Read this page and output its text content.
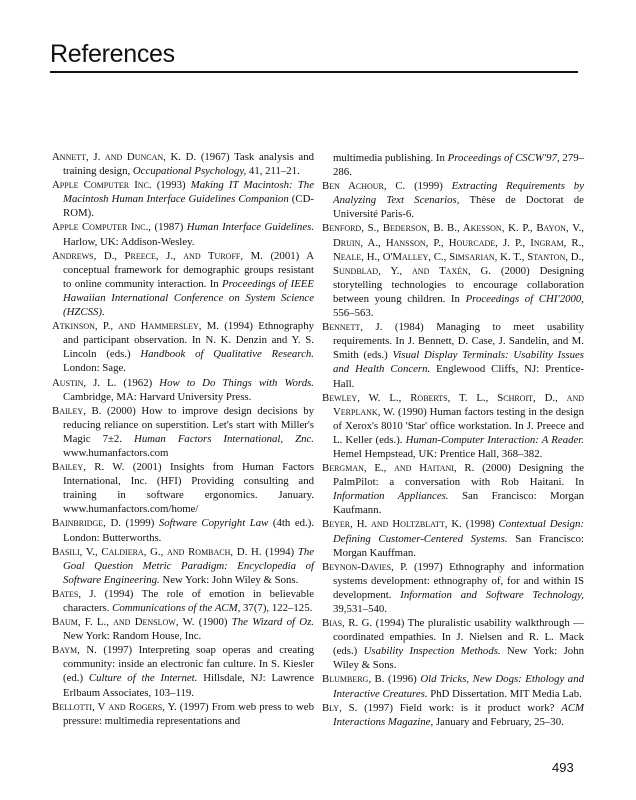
References

Annett, J. and Duncan, K. D. (1967) Task analysis and training design, Occupational Psychology, 41, 211–21.

Apple Computer Inc. (1993) Making IT Macintosh: The Macintosh Human Interface Guidelines Companion (CD-ROM).

Apple Computer Inc., (1987) Human Interface Guidelines. Harlow, UK: Addison-Wesley.

Andrews, D., Preece, J., and Turoff, M. (2001) A conceptual framework for demographic groups resistant to online community interaction. In Proceedings of IEEE Hawaiian International Conference on System Science (HZCSS).

Atkinson, P., and Hammersley, M. (1994) Ethnography and participant observation. In N. K. Denzin and Y. S. Lincoln (eds.) Handbook of Qualitative Research. London: Sage.

Austin, J. L. (1962) How to Do Things with Words. Cambridge, MA: Harvard University Press.

Bailey, B. (2000) How to improve design decisions by reducing reliance on superstition. Let's start with Miller's Magic 7±2. Human Factors International, Znc. www.humanfactors.com

Bailey, R. W. (2001) Insights from Human Factors International, Inc. (HFI) Providing consulting and training in software ergonomics. January. www.humanfactors.com/home/

Bainbridge, D. (1999) Software Copyright Law (4th ed.). London: Butterworths.

Basili, V., Caldiera, G., and Rombach, D. H. (1994) The Goal Question Metric Paradigm: Encyclopedia of Software Engineering. New York: John Wiley & Sons.

Bates, J. (1994) The role of emotion in believable characters. Communications of the ACM, 37(7), 122–125.

Baum, F. L., and Denslow, W. (1900) The Wizard of Oz. New York: Random House, Inc.

Baym, N. (1997) Interpreting soap operas and creating community: inside an electronic fan culture. In S. Kiesler (ed.) Culture of the Internet. Hillsdale, NJ: Lawrence Erlbaum Associates, 103–119.

Bellotti, V and Rogers, Y. (1997) From web press to web pressure: multimedia representations and

multimedia publishing. In Proceedings of CSCW'97, 279–286.

Ben Achour, C. (1999) Extracting Requirements by Analyzing Text Scenarios, Thèse de Doctorat de Université Paris-6.

Benford, S., Bederson, B. B., Akesson, K. P., Bayon, V., Druin, A., Hansson, P., Hourcade, J. P., Ingram, R., Neale, H., O'Malley, C., Simsarian, K. T., Stanton, D., Sundblad, Y., and Taxén, G. (2000) Designing storytelling technologies to encourage collaboration between young children. In Proceedings of CHI'2000, 556–563.

Bennett, J. (1984) Managing to meet usability requirements. In J. Bennett, D. Case, J. Sandelin, and M. Smith (eds.) Visual Display Terminals: Usability Issues and Health Concern. Englewood Cliffs, NJ: Prentice-Hall.

Bewley, W. L., Roberts, T. L., Schroit, D., and Verplank, W. (1990) Human factors testing in the design of Xerox's 8010 'Star' office workstation. In J. Preece and L. Keller (eds.). Human-Computer Interaction: A Reader. Hemel Hempstead, UK: Prentice Hall, 368–382.

Bergman, E., and Haitani, R. (2000) Designing the PalmPilot: a conversation with Rob Haitani. In Information Appliances. San Francisco: Morgan Kaufmann.

Beyer, H. and Holtzblatt, K. (1998) Contextual Design: Defining Customer-Centered Systems. San Francisco: Morgan Kauffman.

Beynon-Davies, P. (1997) Ethnography and information systems development: ethnography of, for and within IS development. Information and Software Technology, 39,531–540.

Bias, R. G. (1994) The pluralistic usability walkthrough — coordinated empathies. In J. Nielsen and R. L. Mack (eds.) Usability Inspection Methods. New York: John Wiley & Sons.

Blumberg, B. (1996) Old Tricks, New Dogs: Ethology and Interactive Creatures. PhD Dissertation. MIT Media Lab.

Bly, S. (1997) Field work: is it product work? ACM Interactions Magazine, January and February, 25–30.

493
